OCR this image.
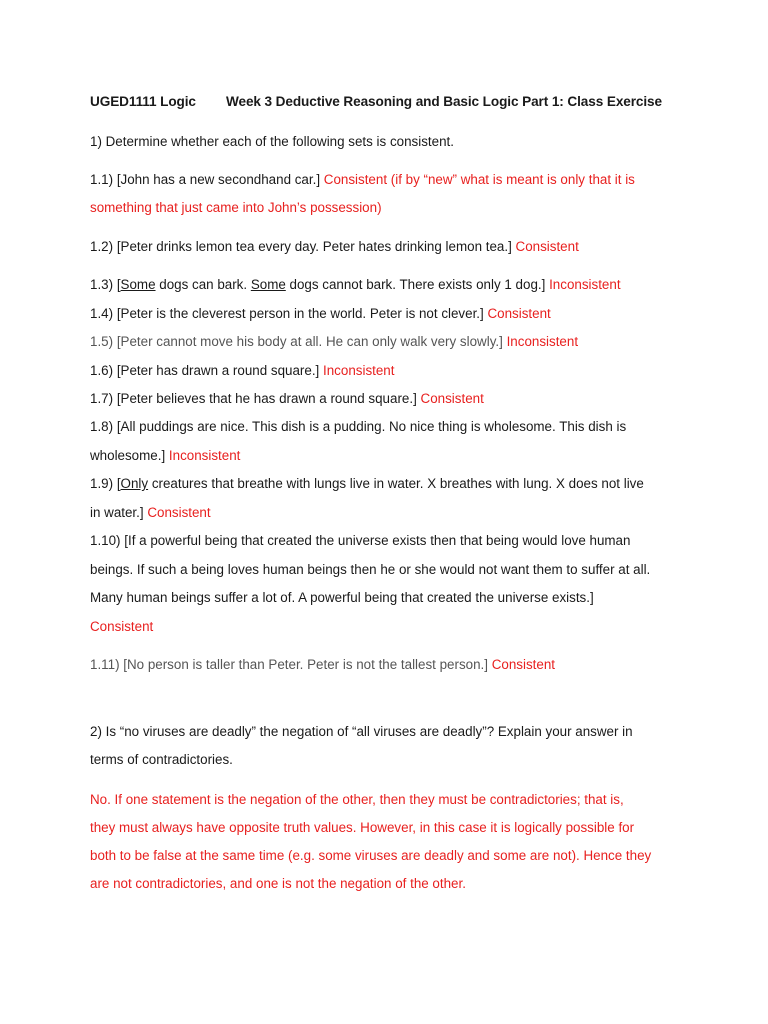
UGED1111 Logic Week 3 Deductive Reasoning and Basic Logic Part 1: Class Exercise
1) Determine whether each of the following sets is consistent.
1.1) [John has a new secondhand car.] Consistent (if by “new” what is meant is only that it is
something that just came into John’s possession)
1.2) [Peter drinks lemon tea every day. Peter hates drinking lemon tea.] Consistent
1.3) [Some dogs can bark. Some dogs cannot bark. There exists only 1 dog.] Inconsistent
1.4) [Peter is the cleverest person in the world. Peter is not clever.] Consistent
1.5) [Peter cannot move his body at all. He can only walk very slowly.] Inconsistent
1.6) [Peter has drawn a round square.] Inconsistent
1.7) [Peter believes that he has drawn a round square.] Consistent
1.8) [All puddings are nice. This dish is a pudding. No nice thing is wholesome. This dish is
wholesome.] Inconsistent
1.9) [Only creatures that breathe with lungs live in water. X breathes with lung. X does not live
in water.] Consistent
1.10) [If a powerful being that created the universe exists then that being would love human
beings. If such a being loves human beings then he or she would not want them to suffer at all.
Many human beings suffer a lot of. A powerful being that created the universe exists.]
Consistent
1.11) [No person is taller than Peter. Peter is not the tallest person.] Consistent
2) Is “no viruses are deadly” the negation of “all viruses are deadly”? Explain your answer in
terms of contradictories.
No. If one statement is the negation of the other, then they must be contradictories; that is,
they must always have opposite truth values. However, in this case it is logically possible for
both to be false at the same time (e.g. some viruses are deadly and some are not). Hence they
are not contradictories, and one is not the negation of the other.
